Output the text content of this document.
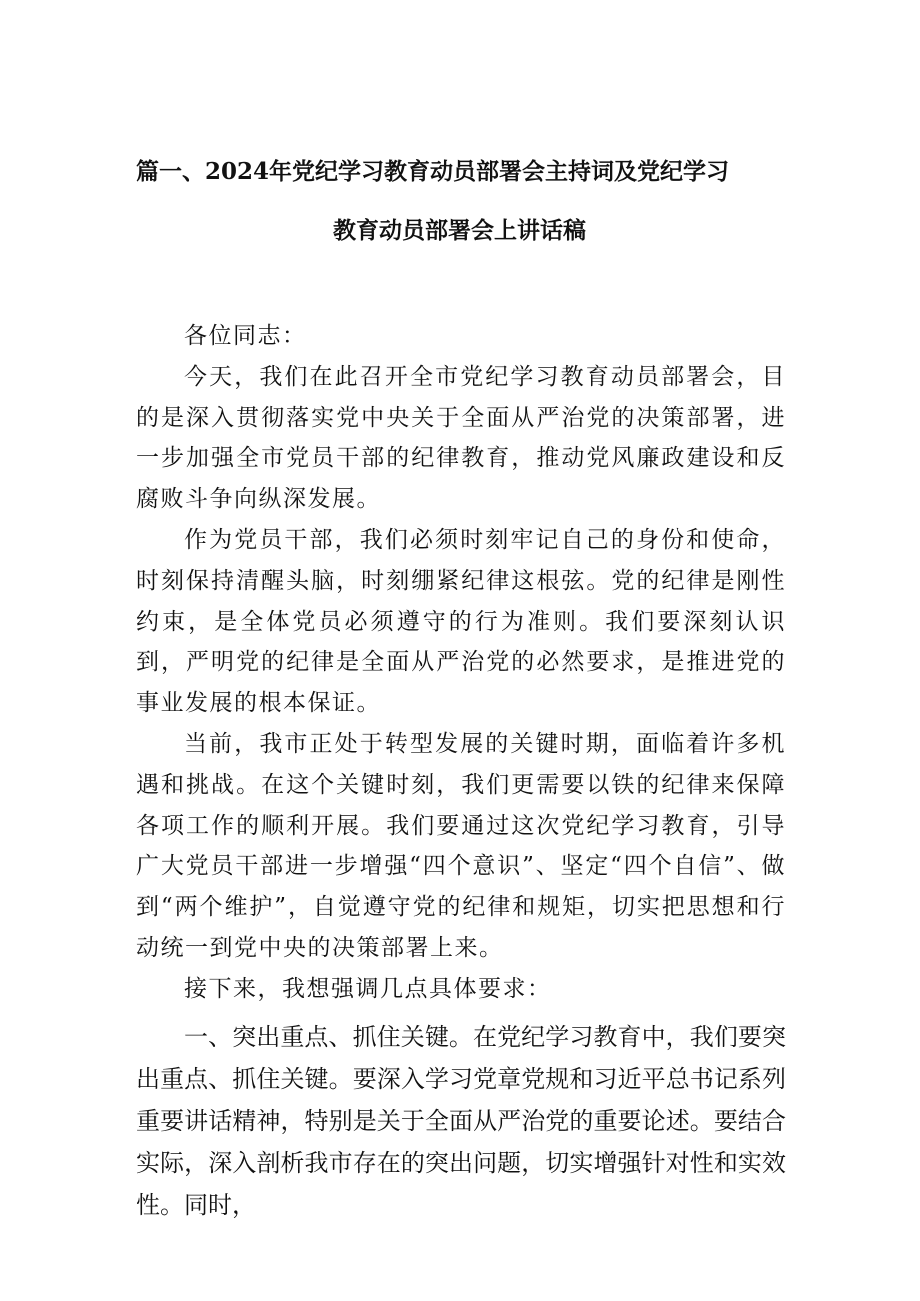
篇一、2024年党纪学习教育动员部署会主持词及党纪学习
教育动员部署会上讲话稿

各位同志：

今天，我们在此召开全市党纪学习教育动员部署会，目的是深入贯彻落实党中央关于全面从严治党的决策部署，进一步加强全市党员干部的纪律教育，推动党风廉政建设和反腐败斗争向纵深发展。

作为党员干部，我们必须时刻牢记自己的身份和使命，时刻保持清醒头脑，时刻绷紧纪律这根弦。党的纪律是刚性约束，是全体党员必须遵守的行为准则。我们要深刻认识到，严明党的纪律是全面从严治党的必然要求，是推进党的事业发展的根本保证。

当前，我市正处于转型发展的关键时期，面临着许多机遇和挑战。在这个关键时刻，我们更需要以铁的纪律来保障各项工作的顺利开展。我们要通过这次党纪学习教育，引导广大党员干部进一步增强“四个意识”、坚定“四个自信”、做到“两个维护”，自觉遵守党的纪律和规矩，切实把思想和行动统一到党中央的决策部署上来。

接下来，我想强调几点具体要求：

一、突出重点、抓住关键。在党纪学习教育中，我们要突出重点、抓住关键。要深入学习党章党规和习近平总书记系列重要讲话精神，特别是关于全面从严治党的重要论述。要结合实际，深入剖析我市存在的突出问题，切实增强针对性和实效性。同时，
